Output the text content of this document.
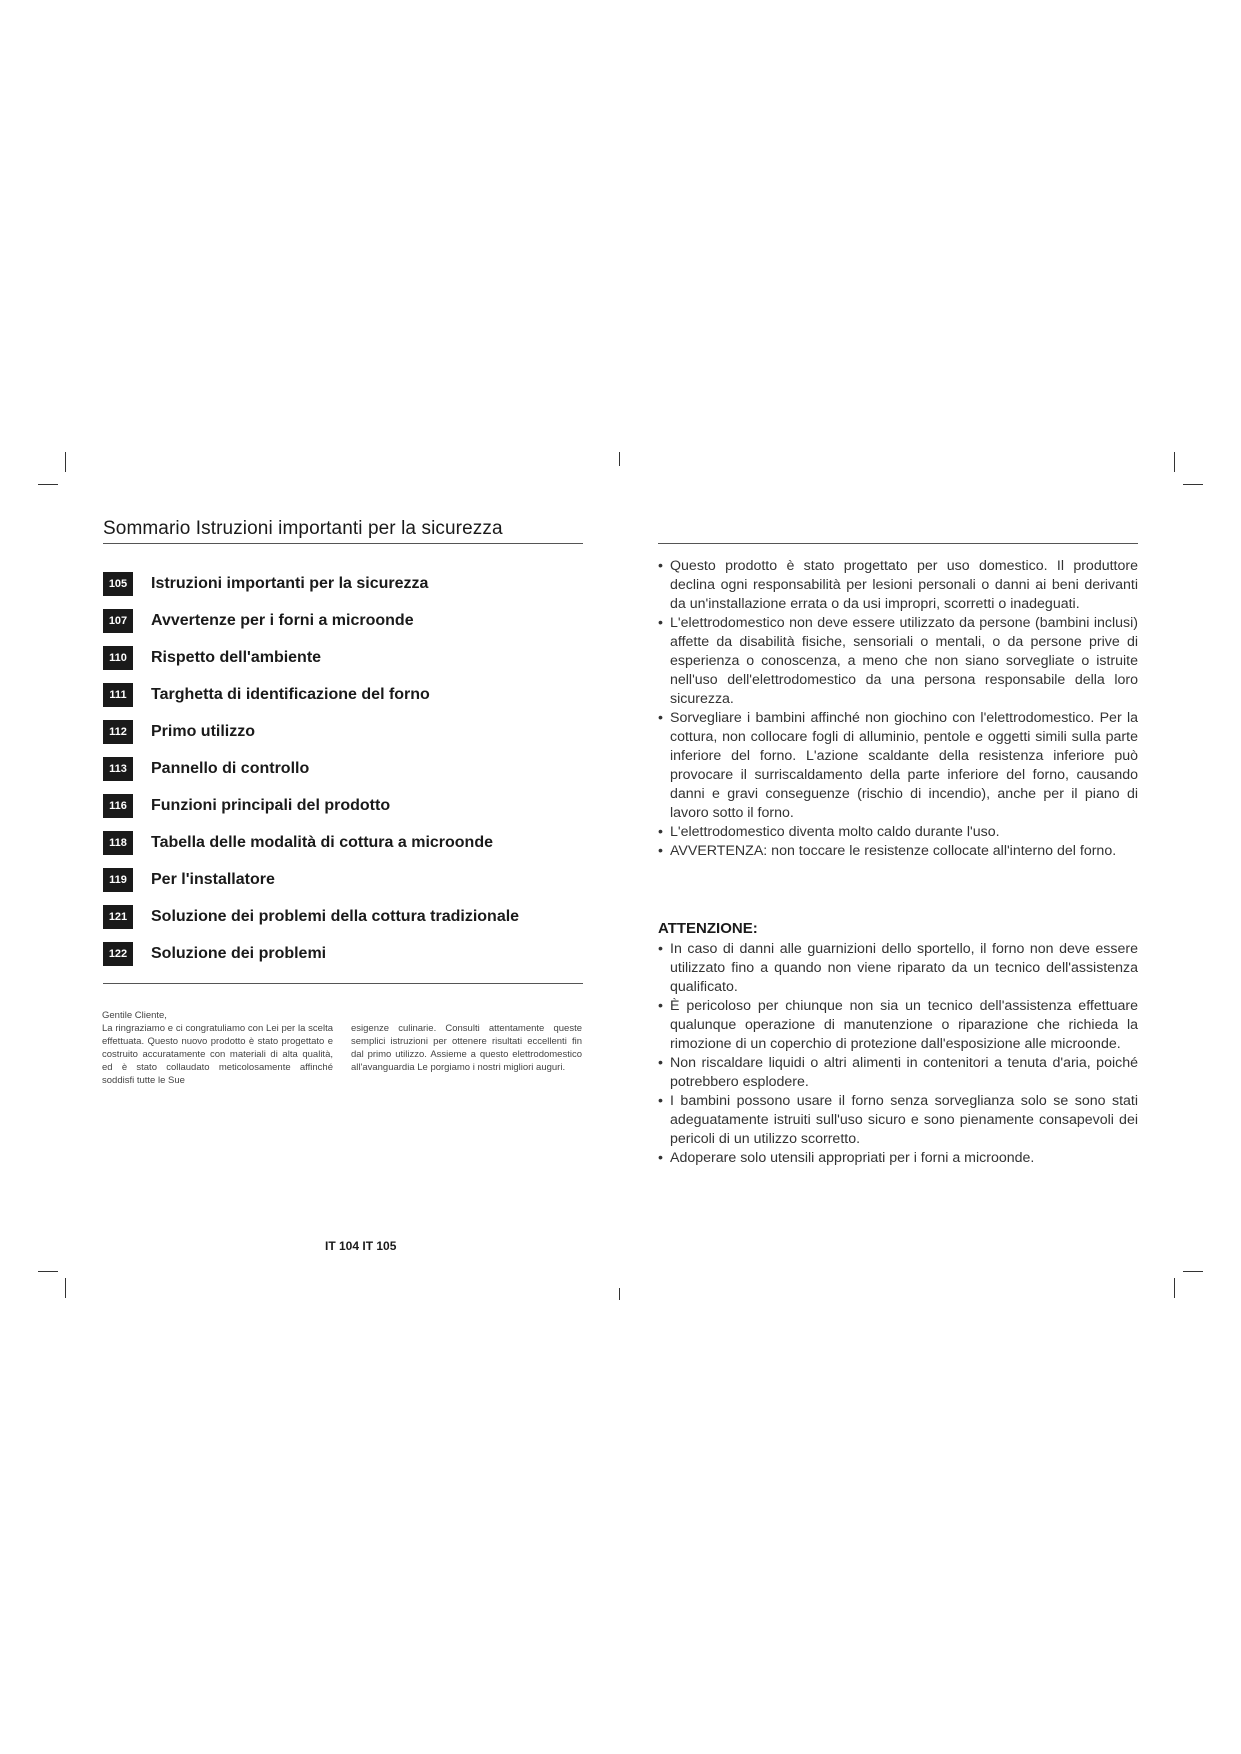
Sommario Istruzioni importanti per la sicurezza
105	Istruzioni importanti per la sicurezza
107	Avvertenze per i forni a microonde
110	Rispetto dell'ambiente
111	Targhetta di identificazione del forno
112	Primo utilizzo
113	Pannello di controllo
116	Funzioni principali del prodotto
118	Tabella delle modalità di cottura a microonde
119	Per l'installatore
121	Soluzione dei problemi della cottura tradizionale
122	Soluzione dei problemi

Gentile Cliente,

La ringraziamo e ci congratuliamo con Lei per la scelta effettuata. Questo nuovo prodotto è stato progettato e costruito accuratamente con materiali di alta qualità, ed è stato collaudato meticolosamente affinché soddisfi tutte le Sue

esigenze culinarie. Consulti attentamente queste semplici istruzioni per ottenere risultati eccellenti fin dal primo utilizzo. Assieme a questo elettrodomestico all'avanguardia Le porgiamo i nostri migliori auguri.

IT 104 IT 105
• Questo prodotto è stato progettato per uso domestico. Il produttore declina ogni responsabilità per lesioni personali o danni ai beni derivanti da un'installazione errata o da usi impropri, scorretti o inadeguati.
• L'elettrodomestico non deve essere utilizzato da persone (bambini inclusi) affette da disabilità fisiche, sensoriali o mentali, o da persone prive di esperienza o conoscenza, a meno che non siano sorvegliate o istruite nell'uso dell'elettrodomestico da una persona responsabile della loro sicurezza.
• Sorvegliare i bambini affinché non giochino con l'elettrodomestico. Per la cottura, non collocare fogli di alluminio, pentole e oggetti simili sulla parte inferiore del forno. L'azione scaldante della resistenza inferiore può provocare il surriscaldamento della parte inferiore del forno, causando danni e gravi conseguenze (rischio di incendio), anche per il piano di lavoro sotto il forno.
• L'elettrodomestico diventa molto caldo durante l'uso.
• AVVERTENZA: non toccare le resistenze collocate all'interno del forno.
ATTENZIONE:
• In caso di danni alle guarnizioni dello sportello, il forno non deve essere utilizzato fino a quando non viene riparato da un tecnico dell'assistenza qualificato.
• È pericoloso per chiunque non sia un tecnico dell'assistenza effettuare qualunque operazione di manutenzione o riparazione che richieda la rimozione di un coperchio di protezione dall'esposizione alle microonde.
• Non riscaldare liquidi o altri alimenti in contenitori a tenuta d'aria, poiché potrebbero esplodere.
• I bambini possono usare il forno senza sorveglianza solo se sono stati adeguatamente istruiti sull'uso sicuro e sono pienamente consapevoli dei pericoli di un utilizzo scorretto.
• Adoperare solo utensili appropriati per i forni a microonde.
